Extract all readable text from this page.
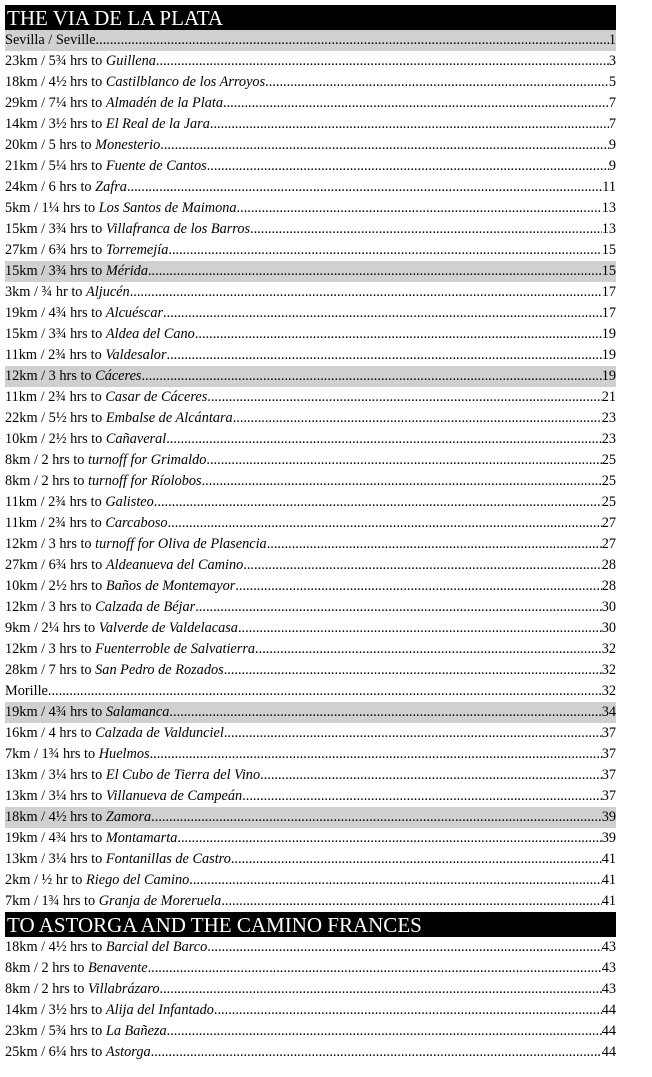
THE VIA DE LA PLATA
Sevilla / Seville .....	1
23km / 5¾ hrs to Guillena .....	3
18km / 4½ hrs to Castilblanco de los Arroyos .....	5
29km / 7¼ hrs to Almadén de la Plata .....	7
14km / 3½ hrs to El Real de la Jara .....	7
20km / 5 hrs to Monesterio .....	9
21km / 5¼ hrs to Fuente de Cantos .....	9
24km / 6 hrs to Zafra .....	11
5km / 1¼ hrs to Los Santos de Maimona .....	13
15km / 3¾ hrs to Villafranca de los Barros .....	13
27km / 6¾ hrs to Torremejía .....	15
15km / 3¾ hrs to Mérida .....	15
3km / ¾ hr to Aljucén .....	17
19km / 4¾ hrs to Alcuéscar .....	17
15km / 3¾ hrs to Aldea del Cano .....	19
11km / 2¾ hrs to Valdesalor .....	19
12km / 3 hrs to Cáceres .....	19
11km / 2¾ hrs to Casar de Cáceres .....	21
22km / 5½ hrs to Embalse de Alcántara .....	23
10km / 2½ hrs to Cañaveral .....	23
8km / 2 hrs to turnoff for Grimaldo .....	25
8km / 2 hrs to turnoff for Ríolobos .....	25
11km / 2¾ hrs to Galisteo .....	25
11km / 2¾ hrs to Carcaboso .....	27
12km / 3 hrs to turnoff for Oliva de Plasencia .....	27
27km / 6¾ hrs to Aldeanueva del Camino .....	28
10km / 2½ hrs to Baños de Montemayor .....	28
12km / 3 hrs to Calzada de Béjar .....	30
9km / 2¼ hrs to Valverde de Valdelacasa .....	30
12km / 3 hrs to Fuenterroble de Salvatierra .....	32
28km / 7 hrs to San Pedro de Rozados .....	32
Morille .....	32
19km / 4¾ hrs to Salamanca .....	34
16km / 4 hrs to Calzada de Valdunciel .....	37
7km / 1¾ hrs to Huelmos .....	37
13km / 3¼ hrs to El Cubo de Tierra del Vino .....	37
13km / 3¼ hrs to Villanueva de Campeán .....	37
18km / 4½ hrs to Zamora .....	39
19km / 4¾ hrs to Montamarta .....	39
13km / 3¼ hrs to Fontanillas de Castro .....	41
2km / ½ hr to Riego del Camino .....	41
7km / 1¾ hrs to Granja de Moreruela .....	41
TO ASTORGA AND THE CAMINO FRANCES
18km / 4½ hrs to Barcial del Barco .....	43
8km / 2 hrs to Benavente .....	43
8km / 2 hrs to Villabrázaro .....	43
14km / 3½ hrs to Alija del Infantado .....	44
23km / 5¾ hrs to La Bañeza .....	44
25km / 6¼ hrs to Astorga .....	44
